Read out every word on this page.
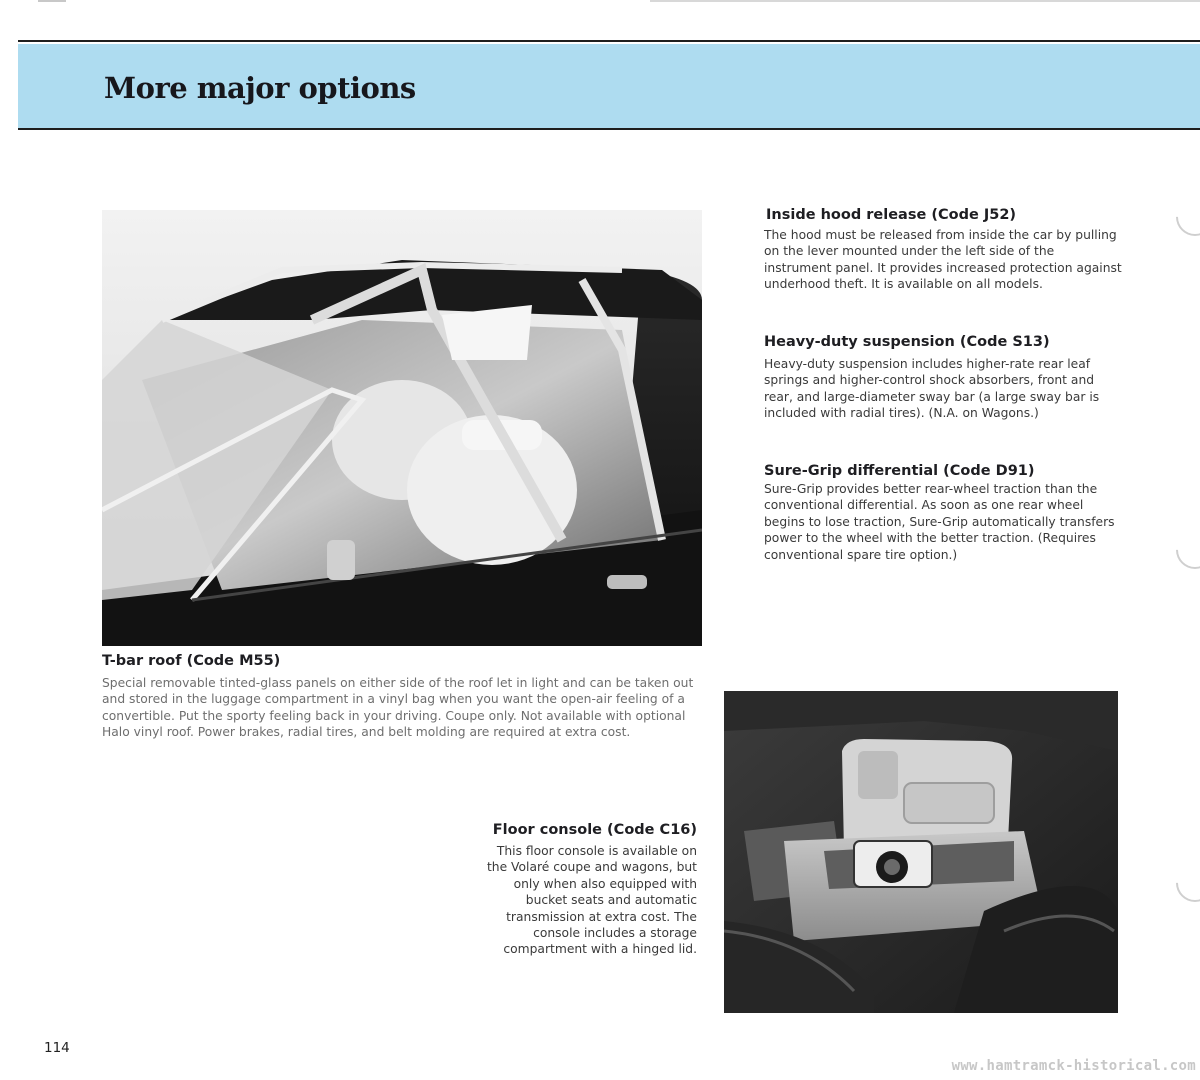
More major options
Inside hood release (Code J52)

The hood must be released from inside the car by pulling on the lever mounted under the left side of the instrument panel. It provides increased protection against underhood theft. It is available on all models.

Heavy-duty suspension (Code S13)

Heavy-duty suspension includes higher-rate rear leaf springs and higher-control shock absorbers, front and rear, and large-diameter sway bar (a large sway bar is included with radial tires). (N.A. on Wagons.)

Sure-Grip differential (Code D91)

Sure-Grip provides better rear-wheel traction than the conventional differential. As soon as one rear wheel begins to lose traction, Sure-Grip automatically transfers power to the wheel with the better traction. (Requires conventional spare tire option.)

T-bar roof (Code M55)

Special removable tinted-glass panels on either side of the roof let in light and can be taken out and stored in the luggage compartment in a vinyl bag when you want the open-air feeling of a convertible. Put the sporty feeling back in your driving. Coupe only. Not available with optional Halo vinyl roof. Power brakes, radial tires, and belt molding are required at extra cost.

Floor console (Code C16)

This floor console is available on the Volaré coupe and wagons, but only when also equipped with bucket seats and automatic transmission at extra cost. The console includes a storage compartment with a hinged lid.

114
www.hamtramck-historical.com
